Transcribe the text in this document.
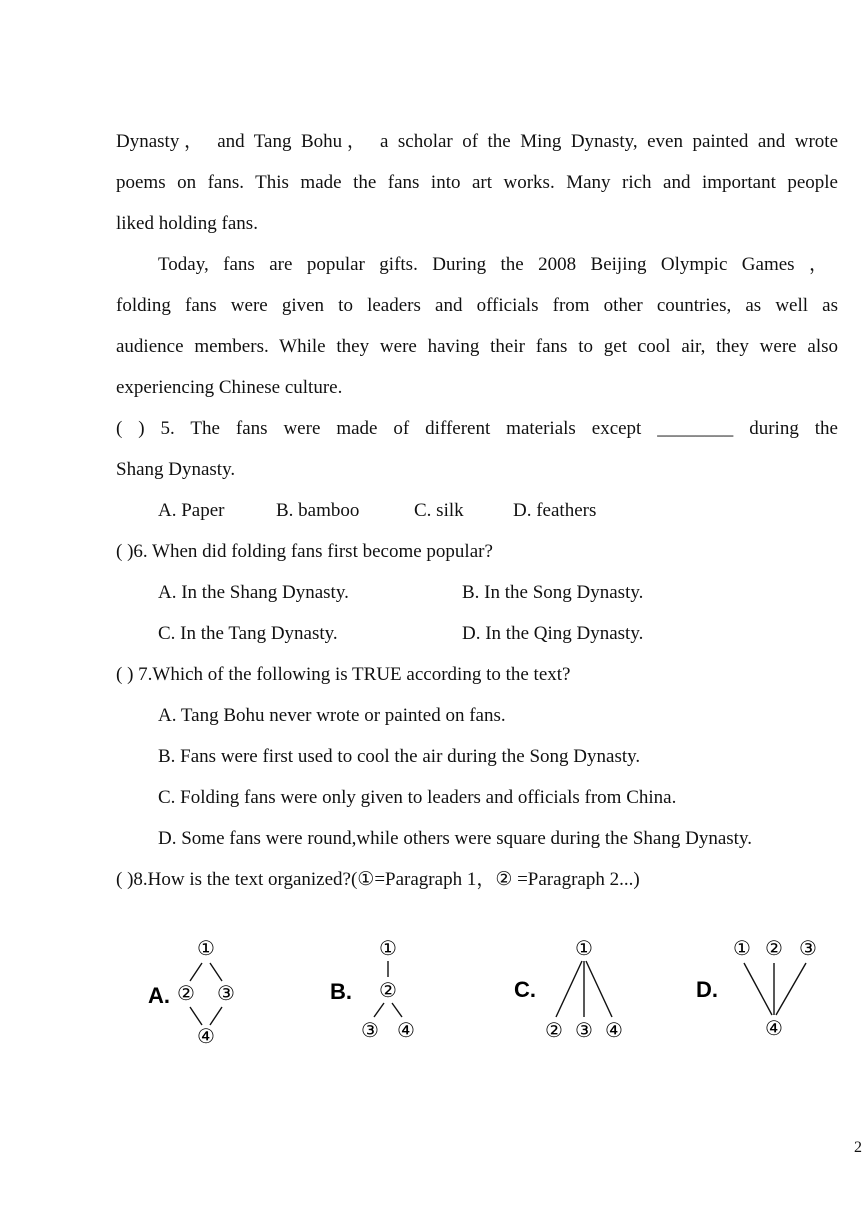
Dynasty， and Tang Bohu， a scholar of the Ming Dynasty, even painted and wrote
poems on fans. This made the fans into art works. Many rich and important people
liked holding fans.
Today, fans are popular gifts. During the 2008 Beijing Olympic Games ，
folding fans were given to leaders and officials from other countries, as well as
audience members. While they were having their fans to get cool air, they were also
experiencing Chinese culture.
( ) 5. The fans were made of different materials except ________ during the
Shang Dynasty.
A. Paper	B. bamboo	C. silk	D. feathers
( )6. When did folding fans first become popular?
A. In the Shang Dynasty.	B. In the Song Dynasty.
C. In the Tang Dynasty.	D. In the Qing Dynasty.
( ) 7.Which of the following is TRUE according to the text?
A. Tang Bohu never wrote or painted on fans.
B. Fans were first used to cool the air during the Song Dynasty.
C. Folding fans were only given to leaders and officials from China.
D. Some fans were round,while others were square during the Shang Dynasty.
( )8.How is the text organized?(①=Paragraph 1，② =Paragraph 2...)
A.
①
② ③
④
B.
①
②
③ ④
C.
①
② ③ ④
D.
① ② ③
④
2
